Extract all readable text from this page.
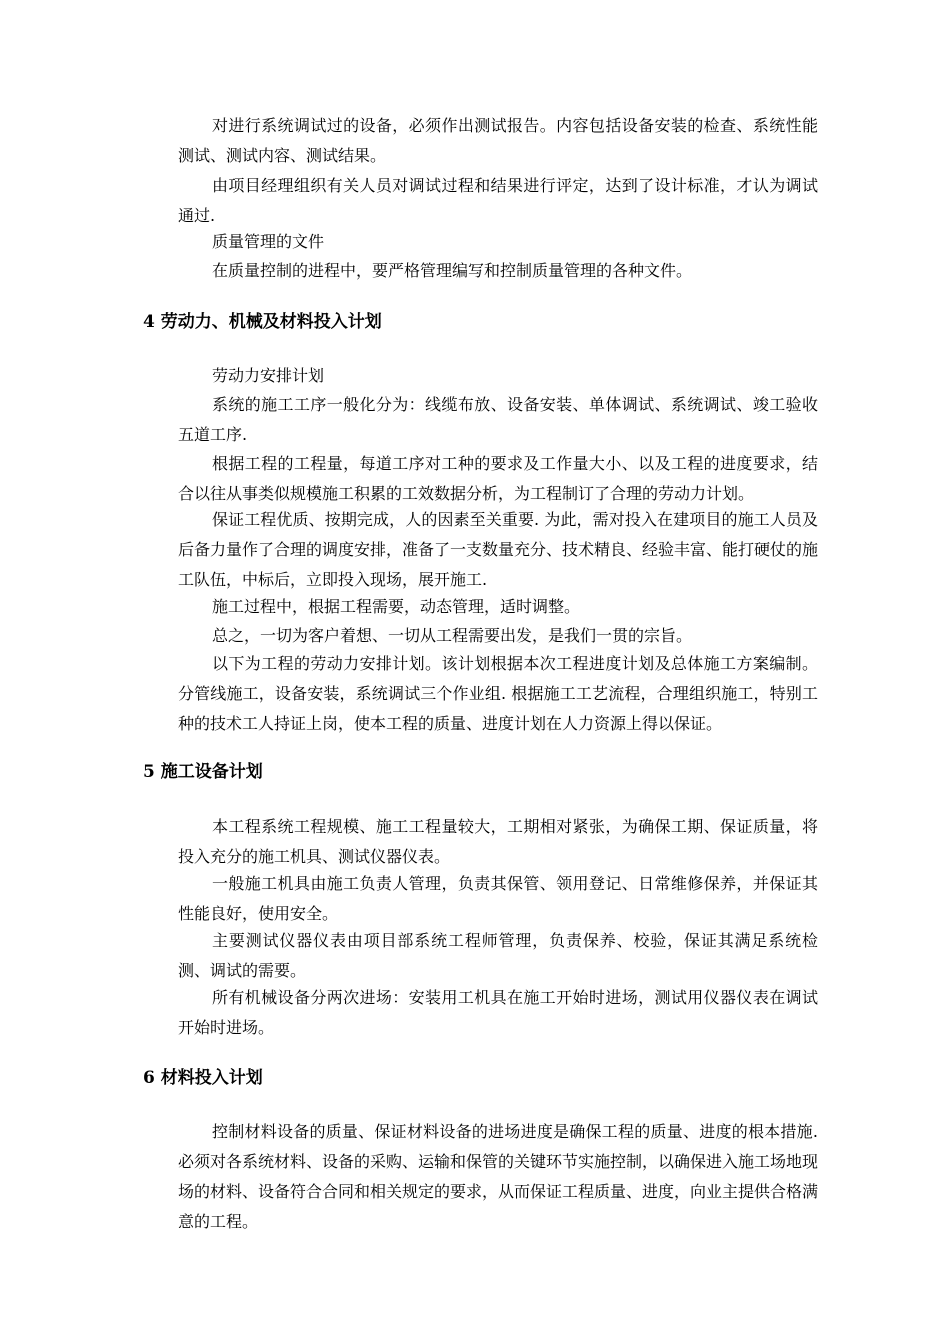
对进行系统调试过的设备，必须作出测试报告。内容包括设备安装的检查、系统性能测试、测试内容、测试结果。

由项目经理组织有关人员对调试过程和结果进行评定，达到了设计标准，才认为调试通过.

质量管理的文件

在质量控制的进程中，要严格管理编写和控制质量管理的各种文件。

4 劳动力、机械及材料投入计划

劳动力安排计划

系统的施工工序一般化分为：线缆布放、设备安装、单体调试、系统调试、竣工验收五道工序.

根据工程的工程量，每道工序对工种的要求及工作量大小、以及工程的进度要求，结合以往从事类似规模施工积累的工效数据分析，为工程制订了合理的劳动力计划。

保证工程优质、按期完成，人的因素至关重要. 为此，需对投入在建项目的施工人员及后备力量作了合理的调度安排，准备了一支数量充分、技术精良、经验丰富、能打硬仗的施工队伍，中标后，立即投入现场，展开施工.

施工过程中，根据工程需要，动态管理，适时调整。

总之，一切为客户着想、一切从工程需要出发，是我们一贯的宗旨。

以下为工程的劳动力安排计划。该计划根据本次工程进度计划及总体施工方案编制。分管线施工，设备安装，系统调试三个作业组. 根据施工工艺流程，合理组织施工，特别工种的技术工人持证上岗，使本工程的质量、进度计划在人力资源上得以保证。

5 施工设备计划

本工程系统工程规模、施工工程量较大，工期相对紧张，为确保工期、保证质量，将投入充分的施工机具、测试仪器仪表。

一般施工机具由施工负责人管理，负责其保管、领用登记、日常维修保养，并保证其性能良好，使用安全。

主要测试仪器仪表由项目部系统工程师管理，负责保养、校验，保证其满足系统检测、调试的需要。

所有机械设备分两次进场：安装用工机具在施工开始时进场，测试用仪器仪表在调试开始时进场。

6 材料投入计划

控制材料设备的质量、保证材料设备的进场进度是确保工程的质量、进度的根本措施. 必须对各系统材料、设备的采购、运输和保管的关键环节实施控制，以确保进入施工场地现场的材料、设备符合合同和相关规定的要求，从而保证工程质量、进度，向业主提供合格满意的工程。
